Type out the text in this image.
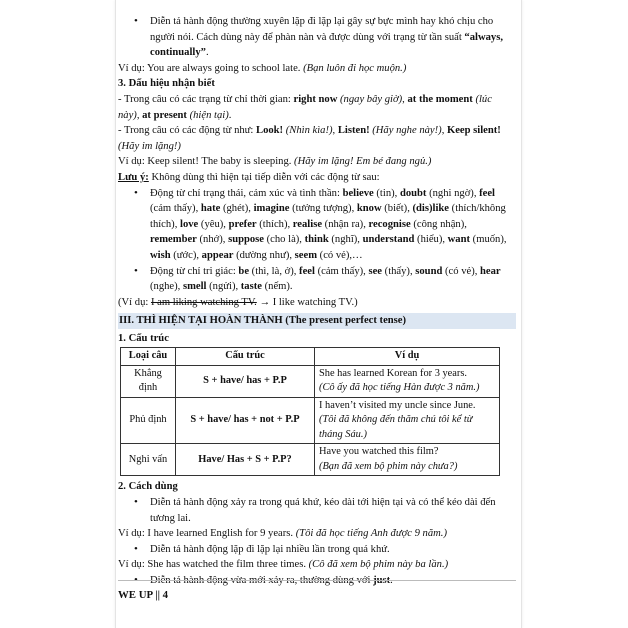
• Diễn tả hành động thường xuyên lặp đi lặp lại gây sự bực mình hay khó chịu cho người nói. Cách dùng này để phàn nàn và được dùng với trạng từ tần suất “always, continually”.

Ví dụ: You are always going to school late. (Bạn luôn đi học muộn.)

3. Dấu hiệu nhận biết

- Trong câu có các trạng từ chỉ thời gian: right now (ngay bây giờ), at the moment (lúc này), at present (hiện tại).

- Trong câu có các động từ như: Look! (Nhìn kìa!), Listen! (Hãy nghe này!), Keep silent! (Hãy im lặng!)

Ví dụ: Keep silent! The baby is sleeping. (Hãy im lặng! Em bé đang ngủ.)

Lưu ý: Không dùng thì hiện tại tiếp diễn với các động từ sau:

• Động từ chỉ trạng thái, cảm xúc và tình thần: believe (tin), doubt (nghi ngờ), feel (cảm thấy), hate (ghét), imagine (tưởng tượng), know (biết), (dis)like (thích/không thích), love (yêu), prefer (thích), realise (nhận ra), recognise (công nhận), remember (nhớ), suppose (cho là), think (nghĩ), understand (hiểu), want (muốn), wish (ước), appear (dường như), seem (có vẻ),…

• Động từ chỉ tri giác: be (thì, là, ở), feel (cảm thấy), see (thấy), sound (có vẻ), hear (nghe), smell (ngửi), taste (nếm).

(Ví dụ: I am liking watching TV. → I like watching TV.)

III. THÌ HIỆN TẠI HOÀN THÀNH (The present perfect tense)

1. Cấu trúc

Loại câu	Cấu trúc	Ví dụ
Khẳng định	S + have/ has + P.P	She has learned Korean for 3 years.
(Cô ấy đã học tiếng Hàn được 3 năm.)
Phủ định	S + have/ has + not + P.P	I haven’t visited my uncle since June.
(Tôi đã không đến thăm chú tôi kể từ tháng Sáu.)
Nghi vấn	Have/ Has + S + P.P?	Have you watched this film?
(Bạn đã xem bộ phim này chưa?)

2. Cách dùng

• Diễn tả hành động xảy ra trong quá khứ, kéo dài tới hiện tại và có thể kéo dài đến tương lai.

Ví dụ: I have learned English for 9 years. (Tôi đã học tiếng Anh được 9 năm.)

• Diễn tả hành động lặp đi lặp lại nhiều lần trong quá khứ.

Ví dụ: She has watched the film three times. (Cô đã xem bộ phim này ba lần.)

• Diễn tả hành động vừa mới xảy ra, thường dùng với just.

WE UP || 4
